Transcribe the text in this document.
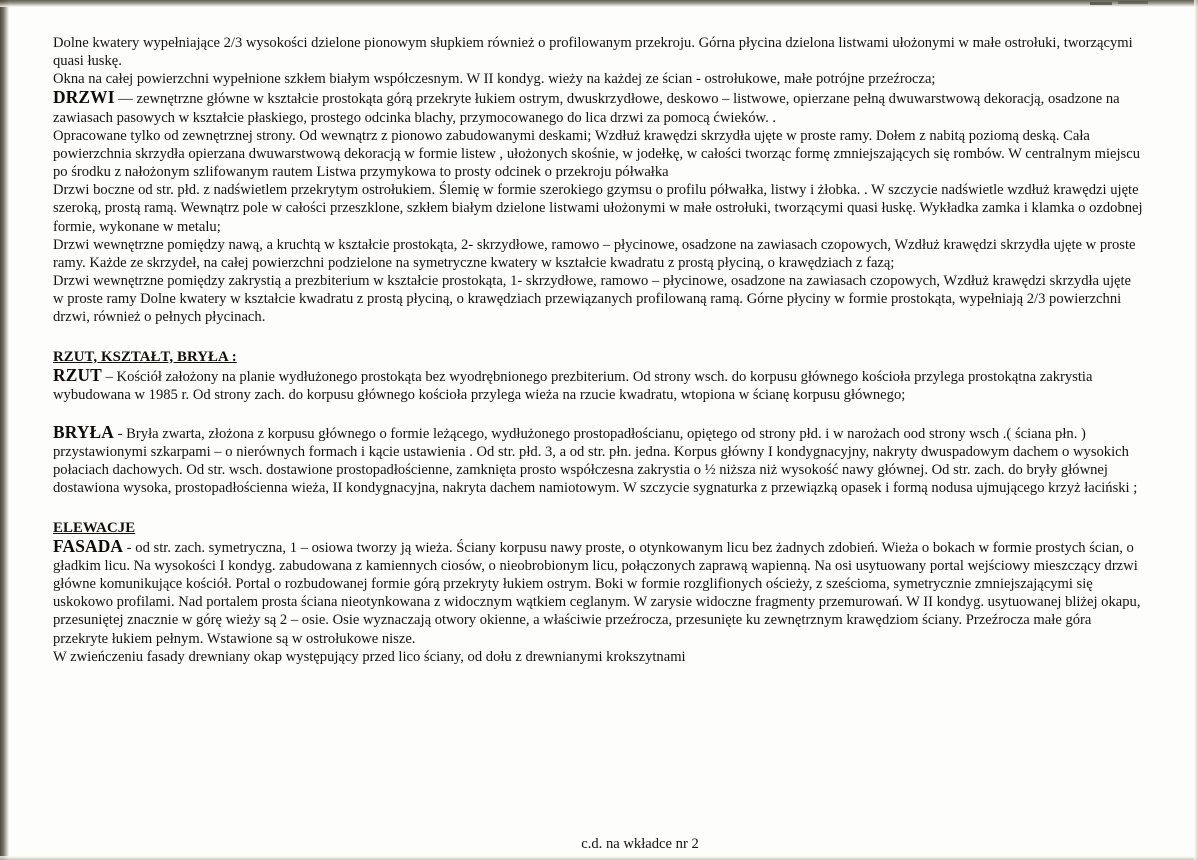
Dolne kwatery wypełniające 2/3 wysokości dzielone pionowym słupkiem również o profilowanym przekroju. Górna płycina dzielona listwami ułożonymi w małe ostrołuki, tworzącymi quasi łuskę.

Okna na całej powierzchni wypełnione szkłem białym współczesnym. W II kondyg. wieży na każdej ze ścian - ostrołukowe, małe potrójne przeźrocza;

DRZWI — zewnętrzne główne w kształcie prostokąta górą przekryte łukiem ostrym, dwuskrzydłowe, deskowo – listwowe, opierzane pełną dwuwarstwową dekoracją, osadzone na zawiasach pasowych w kształcie płaskiego, prostego odcinka blachy, przymocowanego do lica drzwi za pomocą ćwieków. .

Opracowane tylko od zewnętrznej strony. Od wewnątrz z pionowo zabudowanymi deskami; Wzdłuż krawędzi skrzydła ujęte w proste ramy. Dołem z nabitą poziomą deską. Cała powierzchnia skrzydła opierzana dwuwarstwową dekoracją w formie listew , ułożonych skośnie, w jodełkę, w całości tworząc formę zmniejszających się rombów. W centralnym miejscu po środku z nałożonym szlifowanym rautem Listwa przymykowa to prosty odcinek o przekroju półwałka

Drzwi boczne od str. płd. z nadświetlem przekrytym ostrołukiem. Ślemię w formie szerokiego gzymsu o profilu półwałka, listwy i żłobka. . W szczycie nadświetle wzdłuż krawędzi ujęte szeroką, prostą ramą. Wewnątrz pole w całości przeszklone, szkłem białym dzielone listwami ułożonymi w małe ostrołuki, tworzącymi quasi łuskę. Wykładka zamka i klamka o ozdobnej formie, wykonane w metalu;

Drzwi wewnętrzne pomiędzy nawą, a kruchtą w kształcie prostokąta, 2- skrzydłowe, ramowo – płycinowe, osadzone na zawiasach czopowych, Wzdłuż krawędzi skrzydła ujęte w proste ramy. Każde ze skrzydeł, na całej powierzchni podzielone na symetryczne kwatery w kształcie kwadratu z prostą płyciną, o krawędziach z fazą;

Drzwi wewnętrzne pomiędzy zakrystią a prezbiterium w kształcie prostokąta, 1- skrzydłowe, ramowo – płycinowe, osadzone na zawiasach czopowych, Wzdłuż krawędzi skrzydła ujęte w proste ramy Dolne kwatery w kształcie kwadratu z prostą płyciną, o krawędziach przewiązanych profilowaną ramą. Górne płyciny w formie prostokąta, wypełniają 2/3 powierzchni drzwi, również o pełnych płycinach.

RZUT, KSZTAŁT, BRYŁA :

RZUT – Kościół założony na planie wydłużonego prostokąta bez wyodrębnionego prezbiterium. Od strony wsch. do korpusu głównego kościoła przylega prostokątna zakrystia wybudowana w 1985 r. Od strony zach. do korpusu głównego kościoła przylega wieża na rzucie kwadratu, wtopiona w ścianę korpusu głównego;

BRYŁA - Bryła zwarta, złożona z korpusu głównego o formie leżącego, wydłużonego prostopadłościanu, opiętego od strony płd. i w narożach ood strony wsch .( ściana płn. ) przystawionymi szkarpami – o nierównych formach i kącie ustawienia . Od str. płd. 3, a od str. płn. jedna. Korpus główny I kondygnacyjny, nakryty dwuspadowym dachem o wysokich połaciach dachowych. Od str. wsch. dostawione prostopadłościenne, zamknięta prosto współczesna zakrystia o ½ niższa niż wysokość nawy głównej. Od str. zach. do bryły głównej dostawiona wysoka, prostopadłościenna wieża, II kondygnacyjna, nakryta dachem namiotowym. W szczycie sygnaturka z przewiązką opasek i formą nodusa ujmującego krzyż łaciński ;

ELEWACJE

FASADA - od str. zach. symetryczna, 1 – osiowa tworzy ją wieża. Ściany korpusu nawy proste, o otynkowanym licu bez żadnych zdobień. Wieża o bokach w formie prostych ścian, o gładkim licu. Na wysokości I kondyg. zabudowana z kamiennych ciosów, o nieobrobionym licu, połączonych zaprawą wapienną. Na osi usytuowany portal wejściowy mieszczący drzwi główne komunikujące kościół. Portal o rozbudowanej formie górą przekryty łukiem ostrym. Boki w formie rozglifionych ościeży, z sześcioma, symetrycznie zmniejszającymi się uskokowo profilami. Nad portalem prosta ściana nieotynkowana z widocznym wątkiem ceglanym. W zarysie widoczne fragmenty przemurowań. W II kondyg. usytuowanej bliżej okapu, przesuniętej znacznie w górę wieży są 2 – osie. Osie wyznaczają otwory okienne, a właściwie przeźrocza, przesunięte ku zewnętrznym krawędziom ściany. Przeźrocza małe góra przekryte łukiem pełnym. Wstawione są w ostrołukowe nisze.

W zwieńczeniu fasady drewniany okap występujący przed lico ściany, od dołu z drewnianymi krokszytnami

c.d. na wkładce nr 2
